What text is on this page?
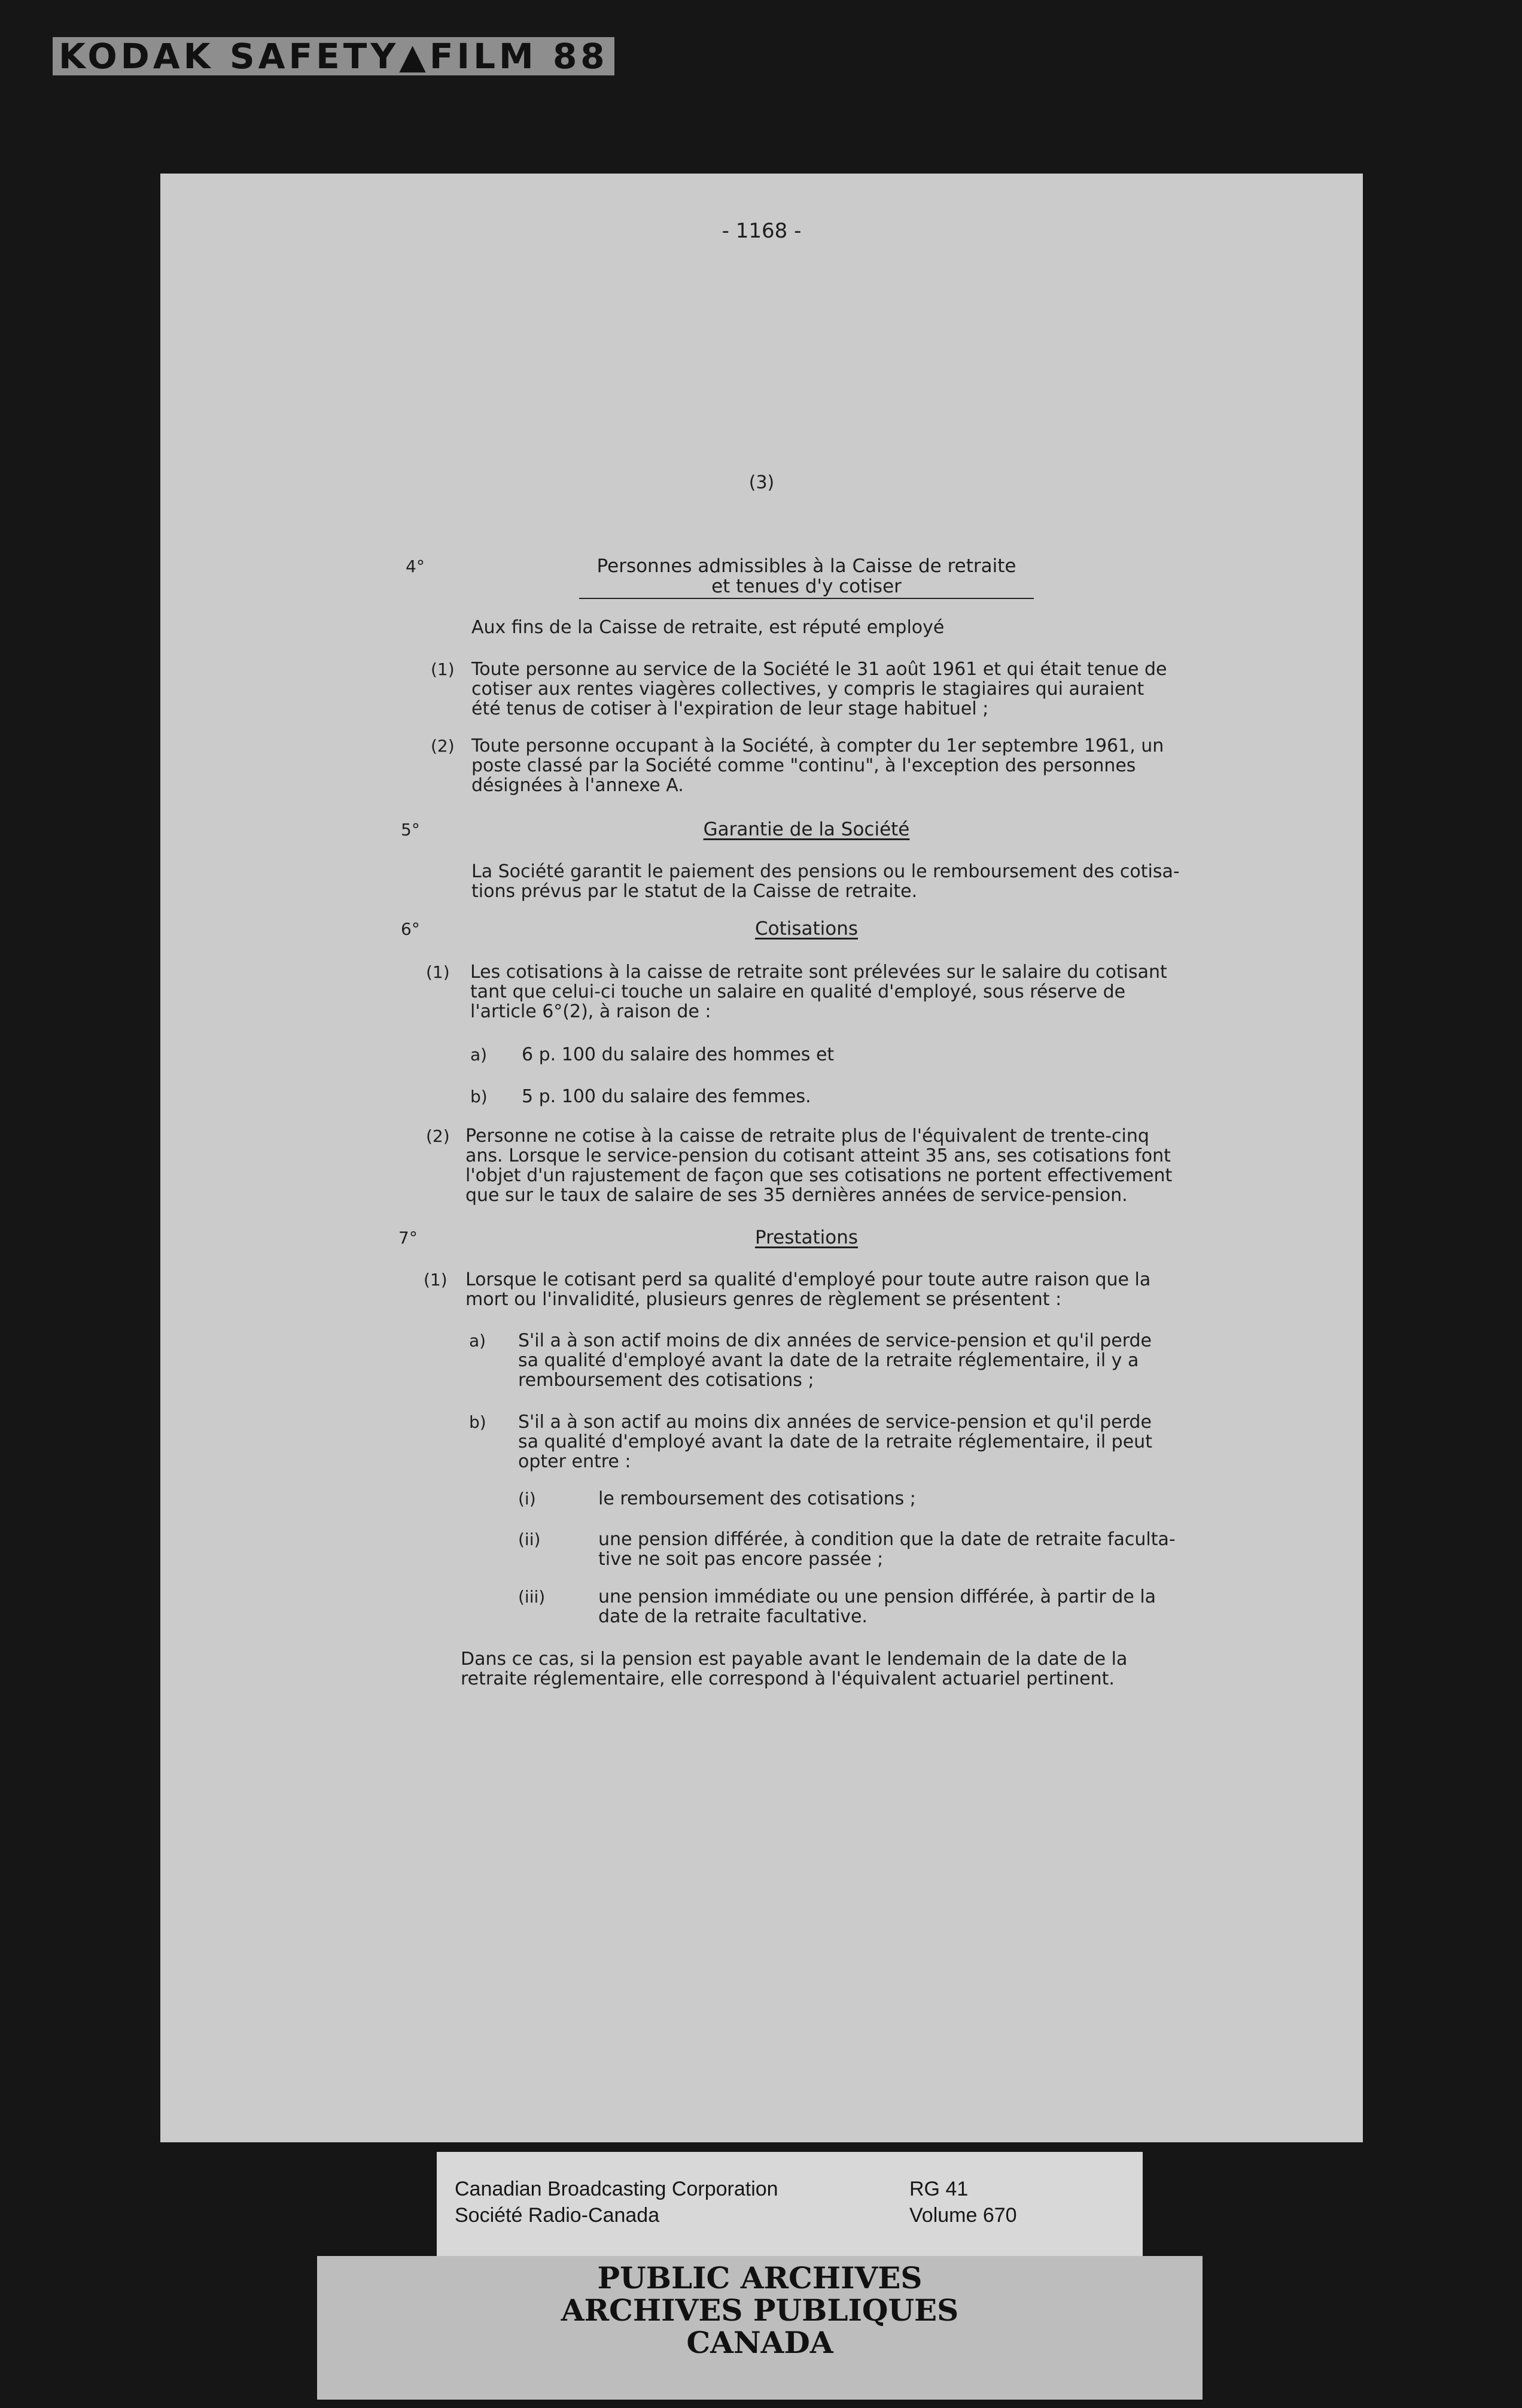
KODAK SAFETY▲FILM 88
- 1168 -
(3)
4°	Personnes admissibles à la Caisse de retraite
et tenues d'y cotiser
Aux fins de la Caisse de retraite, est réputé employé
(1) Toute personne au service de la Société le 31 août 1961 et qui était tenue de
cotiser aux rentes viagères collectives, y compris le stagiaires qui auraient
été tenus de cotiser à l'expiration de leur stage habituel ;
(2) Toute personne occupant à la Société, à compter du 1er septembre 1961, un
poste classé par la Société comme "continu", à l'exception des personnes
désignées à l'annexe A.
5°	Garantie de la Société
La Société garantit le paiement des pensions ou le remboursement des cotisa-
tions prévus par le statut de la Caisse de retraite.
6°	Cotisations
(1) Les cotisations à la caisse de retraite sont prélevées sur le salaire du cotisant
tant que celui-ci touche un salaire en qualité d'employé, sous réserve de
l'article 6°(2), à raison de :
a) 6 p. 100 du salaire des hommes et
b) 5 p. 100 du salaire des femmes.
(2) Personne ne cotise à la caisse de retraite plus de l'équivalent de trente-cinq
ans. Lorsque le service-pension du cotisant atteint 35 ans, ses cotisations font
l'objet d'un rajustement de façon que ses cotisations ne portent effectivement
que sur le taux de salaire de ses 35 dernières années de service-pension.
7°	Prestations
(1) Lorsque le cotisant perd sa qualité d'employé pour toute autre raison que la
mort ou l'invalidité, plusieurs genres de règlement se présentent :
a) S'il a à son actif moins de dix années de service-pension et qu'il perde
sa qualité d'employé avant la date de la retraite réglementaire, il y a
remboursement des cotisations ;
b) S'il a à son actif au moins dix années de service-pension et qu'il perde
sa qualité d'employé avant la date de la retraite réglementaire, il peut
opter entre :
(i)	le remboursement des cotisations ;
(ii)	une pension différée, à condition que la date de retraite faculta-
tive ne soit pas encore passée ;
(iii)	une pension immédiate ou une pension différée, à partir de la
date de la retraite facultative.
Dans ce cas, si la pension est payable avant le lendemain de la date de la
retraite réglementaire, elle correspond à l'équivalent actuariel pertinent.
Canadian Broadcasting Corporation
Société Radio-Canada
RG 41
Volume 670
PUBLIC ARCHIVES
ARCHIVES PUBLIQUES
CANADA
